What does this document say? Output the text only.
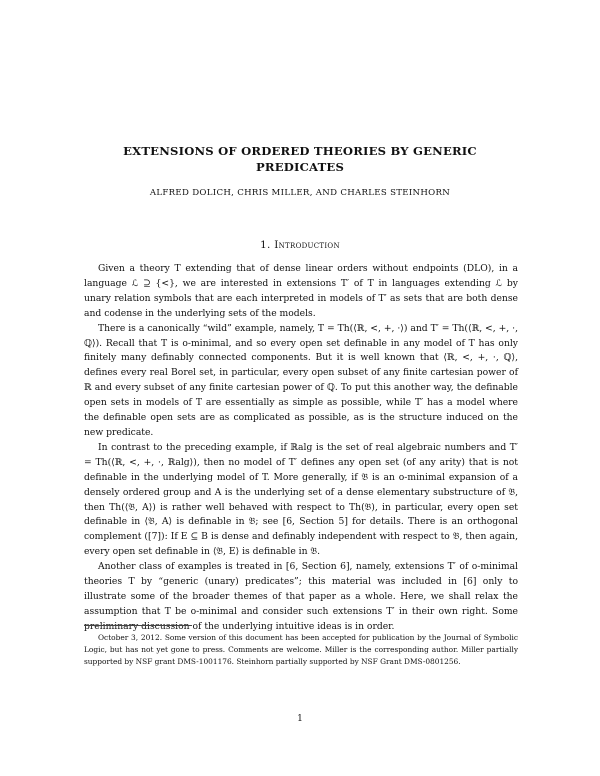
EXTENSIONS OF ORDERED THEORIES BY GENERIC
PREDICATES
ALFRED DOLICH, CHRIS MILLER, AND CHARLES STEINHORN
1. Introduction

Given a theory T extending that of dense linear orders without endpoints (DLO), in a language ℒ ⊇ {<}, we are interested in extensions T′ of T in languages extending ℒ by unary relation symbols that are each interpreted in models of T′ as sets that are both dense and codense in the underlying sets of the models.

There is a canonically “wild” example, namely, T = Th(⟨ℝ, <, +, ·⟩) and T′ = Th(⟨ℝ, <, +, ·, ℚ⟩). Recall that T is o-minimal, and so every open set definable in any model of T has only finitely many definably connected components. But it is well known that ⟨ℝ, <, +, ·, ℚ⟩, defines every real Borel set, in particular, every open subset of any finite cartesian power of ℝ and every subset of any finite cartesian power of ℚ. To put this another way, the definable open sets in models of T are essentially as simple as possible, while T′ has a model where the definable open sets are as complicated as possible, as is the structure induced on the new predicate.

In contrast to the preceding example, if ℝalg is the set of real algebraic numbers and T′ = Th(⟨ℝ, <, +, ·, ℝalg⟩), then no model of T′ defines any open set (of any arity) that is not definable in the underlying model of T. More generally, if 𝔅 is an o-minimal expansion of a densely ordered group and A is the underlying set of a dense elementary substructure of 𝔅, then Th(⟨𝔅, A⟩) is rather well behaved with respect to Th(𝔅), in particular, every open set definable in ⟨𝔅, A⟩ is definable in 𝔅; see [6, Section 5] for details. There is an orthogonal complement ([7]): If E ⊆ B is dense and definably independent with respect to 𝔅, then again, every open set definable in ⟨𝔅, E⟩ is definable in 𝔅.

Another class of examples is treated in [6, Section 6], namely, extensions T′ of o-minimal theories T by “generic (unary) predicates”; this material was included in [6] only to illustrate some of the broader themes of that paper as a whole. Here, we shall relax the assumption that T be o-minimal and consider such extensions T′ in their own right. Some preliminary discussion of the underlying intuitive ideas is in order.

October 3, 2012. Some version of this document has been accepted for publication by the Journal of Symbolic Logic, but has not yet gone to press. Comments are welcome. Miller is the corresponding author. Miller partially supported by NSF grant DMS-1001176. Steinhorn partially supported by NSF Grant DMS-0801256.
1
